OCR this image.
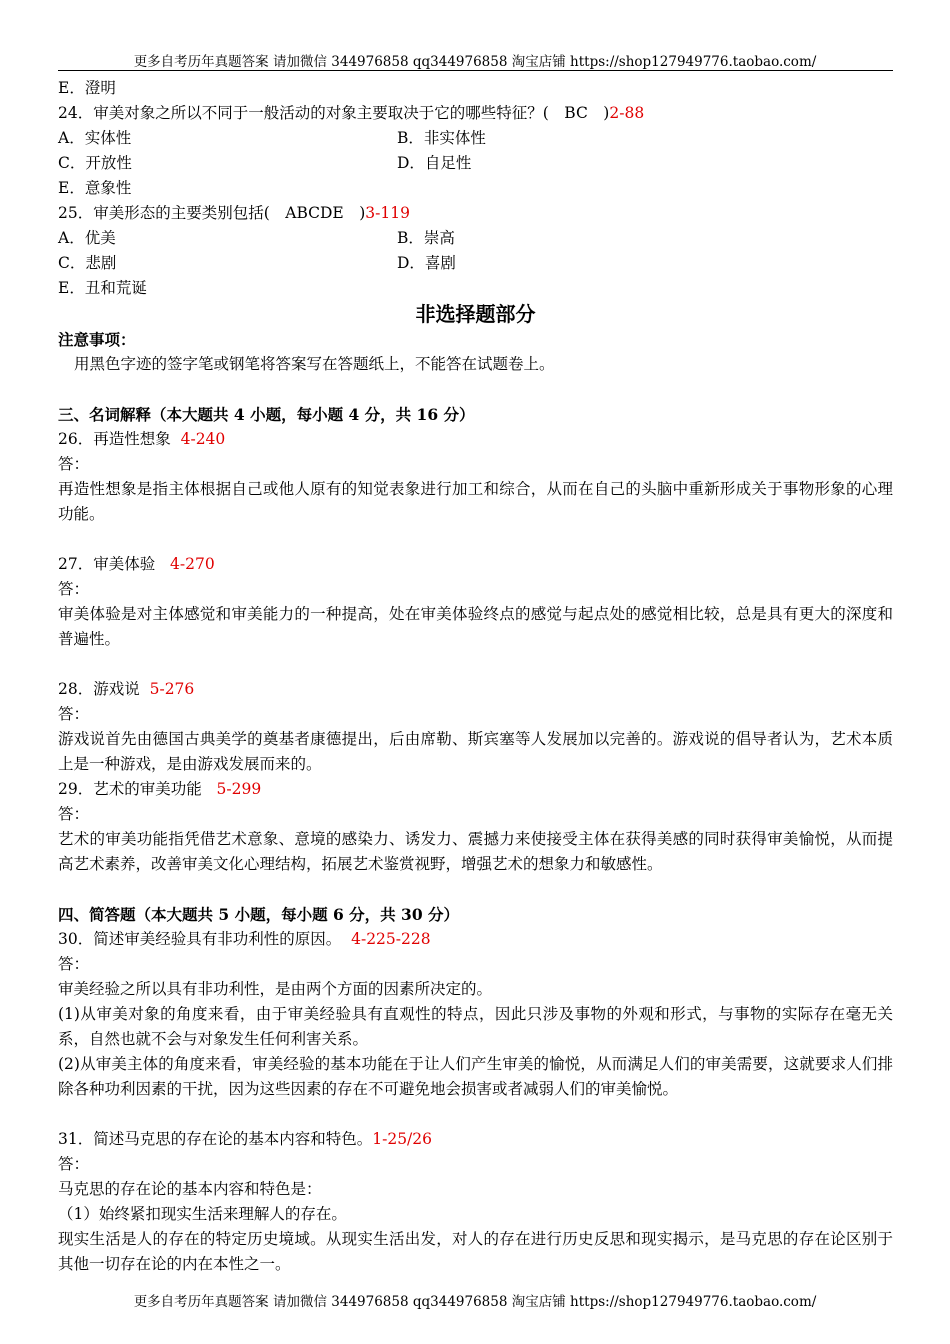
更多自考历年真题答案 请加微信 344976858 qq344976858 淘宝店铺 https://shop127949776.taobao.com/
E．澄明
24．审美对象之所以不同于一般活动的对象主要取决于它的哪些特征？(　BC　)2-88
A．实体性	B．非实体性
C．开放性	D．自足性
E．意象性
25．审美形态的主要类别包括(　ABCDE　)3-119
A．优美	B．崇高
C．悲剧	D．喜剧
E．丑和荒诞
非选择题部分
注意事项：
用黑色字迹的签字笔或钢笔将答案写在答题纸上，不能答在试题卷上。
三、名词解释（本大题共 4 小题，每小题 4 分，共 16 分）
26．再造性想象 4-240
答：
再造性想象是指主体根据自己或他人原有的知觉表象进行加工和综合，从而在自己的头脑中重新形成关于事物形象的心理功能。
27．审美体验 4-270
答：
审美体验是对主体感觉和审美能力的一种提高，处在审美体验终点的感觉与起点处的感觉相比较，总是具有更大的深度和普遍性。
28．游戏说 5-276
答：
游戏说首先由德国古典美学的奠基者康德提出，后由席勒、斯宾塞等人发展加以完善的。游戏说的倡导者认为，艺术本质上是一种游戏，是由游戏发展而来的。
29．艺术的审美功能 5-299
答：
艺术的审美功能指凭借艺术意象、意境的感染力、诱发力、震撼力来使接受主体在获得美感的同时获得审美愉悦，从而提高艺术素养，改善审美文化心理结构，拓展艺术鉴赏视野，增强艺术的想象力和敏感性。
四、简答题（本大题共 5 小题，每小题 6 分，共 30 分）
30．简述审美经验具有非功利性的原因。 4-225-228
答：
审美经验之所以具有非功利性，是由两个方面的因素所决定的。
(1)从审美对象的角度来看，由于审美经验具有直观性的特点，因此只涉及事物的外观和形式，与事物的实际存在毫无关系，自然也就不会与对象发生任何利害关系。
(2)从审美主体的角度来看，审美经验的基本功能在于让人们产生审美的愉悦，从而满足人们的审美需要，这就要求人们排除各种功利因素的干扰，因为这些因素的存在不可避免地会损害或者减弱人们的审美愉悦。
31．简述马克思的存在论的基本内容和特色。1-25/26
答：
马克思的存在论的基本内容和特色是：
（1）始终紧扣现实生活来理解人的存在。
现实生活是人的存在的特定历史境域。从现实生活出发，对人的存在进行历史反思和现实揭示，是马克思的存在论区别于其他一切存在论的内在本性之一。
更多自考历年真题答案 请加微信 344976858 qq344976858 淘宝店铺 https://shop127949776.taobao.com/
